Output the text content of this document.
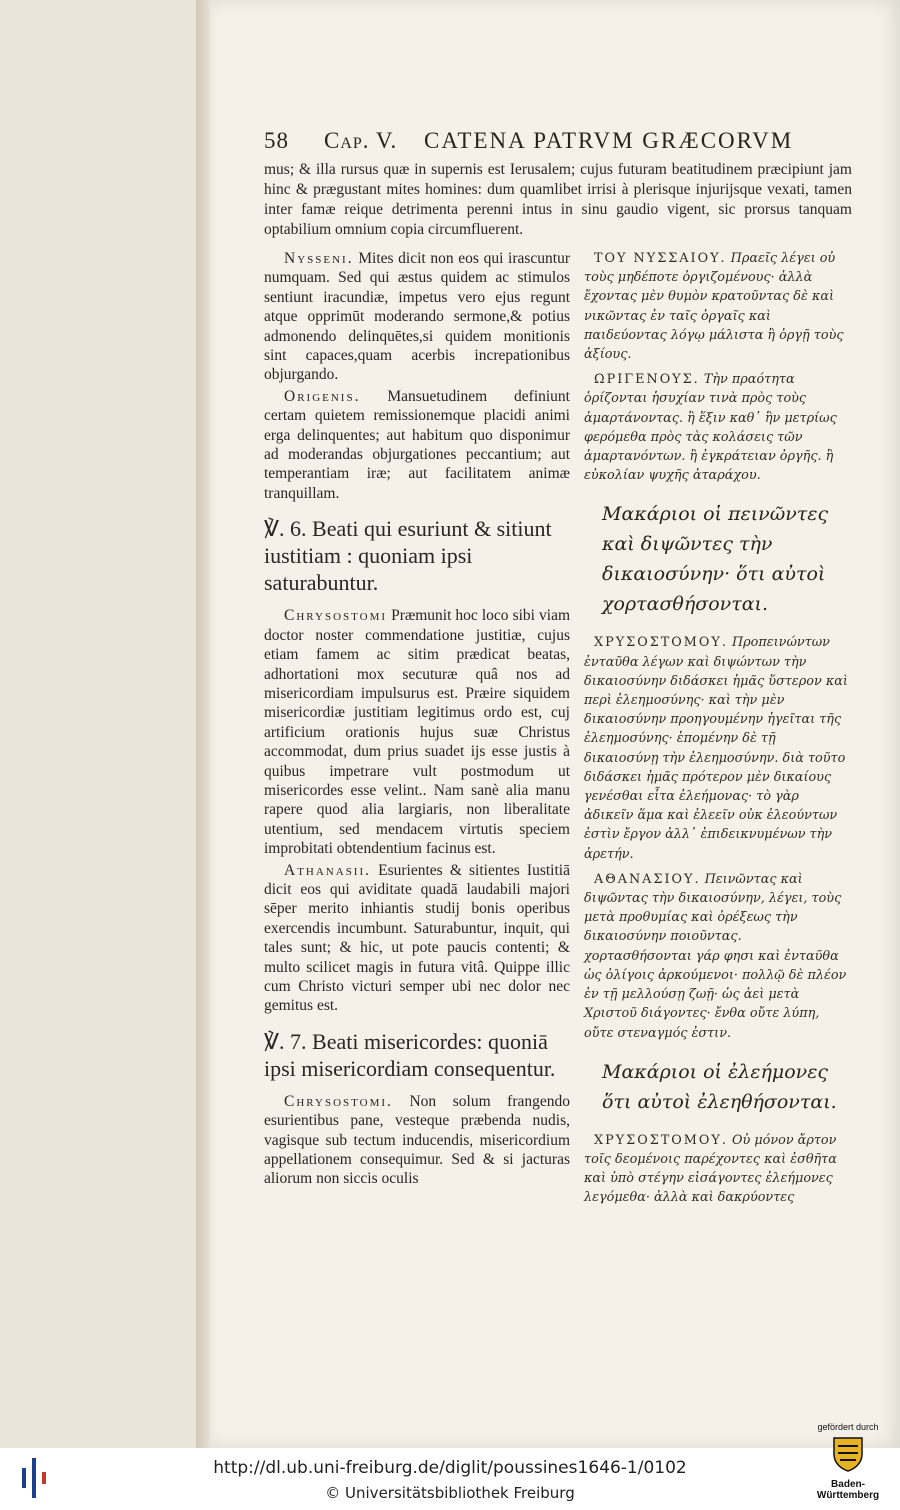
58 Cap. V. CATENA PATRVM GRÆCORVM
mus; & illa rursus quæ in supernis est Ierusalem; cujus futuram beatitudinem præcipiunt jam hinc & prægustant mites homines: dum quamlibet irrisi à plerisque injurijsque vexati, tamen inter famæ reique detrimenta perenni intus in sinu gaudio vigent, sic prorsus tanquam optabilium omnium copia circumfluerent.

Nysseni. Mites dicit non eos qui irascuntur numquam. Sed qui æstus quidem ac stimulos sentiunt iracundiæ, impetus vero ejus regunt atque opprimūt moderando sermone,& potius admonendo delinquētes,si quidem monitionis sint capaces,quam acerbis increpationibus objurgando.

Origenis. Mansuetudinem definiunt certam quietem remissionemque placidi animi erga delinquentes; aut habitum quo disponimur ad moderandas objurgationes peccantium; aut temperantiam iræ; aut facilitatem animæ tranquillam.

℣. 6. Beati qui esuriunt & sitiunt iustitiam : quoniam ipsi saturabuntur.

Chrysostomi Præmunit hoc loco sibi viam doctor noster commendatione justitiæ, cujus etiam famem ac sitim prædicat beatas, adhortationi mox secuturæ quâ nos ad misericordiam impulsurus est. Præire siquidem misericordiæ justitiam legitimus ordo est, cuj artificium orationis hujus suæ Christus accommodat, dum prius suadet ijs esse justis à quibus impetrare vult postmodum ut misericordes esse velint.. Nam sanè alia manu rapere quod alia largiaris, non liberalitate utentium, sed mendacem virtutis speciem improbitati obtendentium facinus est.

Athanasii. Esurientes & sitientes Iustitiā dicit eos qui aviditate quadā laudabili majori sēper merito inhiantis studij bonis operibus exercendis incumbunt. Saturabuntur, inquit, qui tales sunt; & hic, ut pote paucis contenti; & multo scilicet magis in futura vitâ. Quippe illic cum Christo victuri semper ubi nec dolor nec gemitus est.

℣. 7. Beati misericordes: quoniā ipsi misericordiam consequentur.

Chrysostomi. Non solum frangendo esurientibus pane, vesteque præbenda nudis, vagisque sub tectum inducendis, misericordium appellationem consequimur. Sed & si jacturas aliorum non siccis oculis

ΤΟΥ ΝΥΣΣΑΙΟΥ. Πραεῖς λέγει οὐ τοὺς μηδέποτε ὀργιζομένους· ἀλλὰ ἔχοντας μὲν θυμὸν κρατοῦντας δὲ καὶ νικῶντας ἐν ταῖς ὀργαῖς καὶ παιδεύοντας λόγῳ μάλιστα ἢ ὀργῇ τοὺς ἀξίους.

ΩΡΙΓΕΝΟΥΣ. Τὴν πραότητα ὁρίζονται ἡσυχίαν τινὰ πρὸς τοὺς ἁμαρτάνοντας. ἢ ἕξιν καθ᾽ ἣν μετρίως φερόμεθα πρὸς τὰς κολάσεις τῶν ἁμαρτανόντων. ἢ ἐγκράτειαν ὀργῆς. ἢ εὐκολίαν ψυχῆς ἀταράχου.

Μακάριοι οἱ πεινῶντες καὶ διψῶντες τὴν δικαιοσύνην· ὅτι αὐτοὶ χορτασθήσονται.

ΧΡΥΣΟΣΤΟΜΟΥ. Προπεινώντων ἐνταῦθα λέγων καὶ διψώντων τὴν δικαιοσύνην διδάσκει ἡμᾶς ὕστερον καὶ περὶ ἐλεημοσύνης· καὶ τὴν μὲν δικαιοσύνην προηγουμένην ἡγεῖται τῆς ἐλεημοσύνης· ἑπομένην δὲ τῇ δικαιοσύνῃ τὴν ἐλεημοσύνην. διὰ τοῦτο διδάσκει ἡμᾶς πρότερον μὲν δικαίους γενέσθαι εἶτα ἐλεήμονας· τὸ γὰρ ἀδικεῖν ἅμα καὶ ἐλεεῖν οὐκ ἐλεούντων ἐστὶν ἔργον ἀλλ᾽ ἐπιδεικνυμένων τὴν ἀρετήν.

ΑΘΑΝΑΣΙΟΥ. Πεινῶντας καὶ διψῶντας τὴν δικαιοσύνην, λέγει, τοὺς μετὰ προθυμίας καὶ ὀρέξεως τὴν δικαιοσύνην ποιοῦντας. χορτασθήσονται γάρ φησι καὶ ἐνταῦθα ὡς ὀλίγοις ἀρκούμενοι· πολλῷ δὲ πλέον ἐν τῇ μελλούσῃ ζωῇ· ὡς ἀεὶ μετὰ Χριστοῦ διάγοντες· ἔνθα οὔτε λύπη, οὔτε στεναγμός ἐστιν.

Μακάριοι οἱ ἐλεήμονες ὅτι αὐτοὶ ἐλεηθήσονται.

ΧΡΥΣΟΣΤΟΜΟΥ. Οὐ μόνον ἄρτον τοῖς δεομένοις παρέχοντες καὶ ἐσθῆτα καὶ ὑπὸ στέγην εἰσάγοντες ἐλεήμονες λεγόμεθα· ἀλλὰ καὶ δακρύοντες

http://dl.ub.uni-freiburg.de/diglit/poussines1646-1/0102
© Universitätsbibliothek Freiburg
gefördert durch
Baden-Württemberg
